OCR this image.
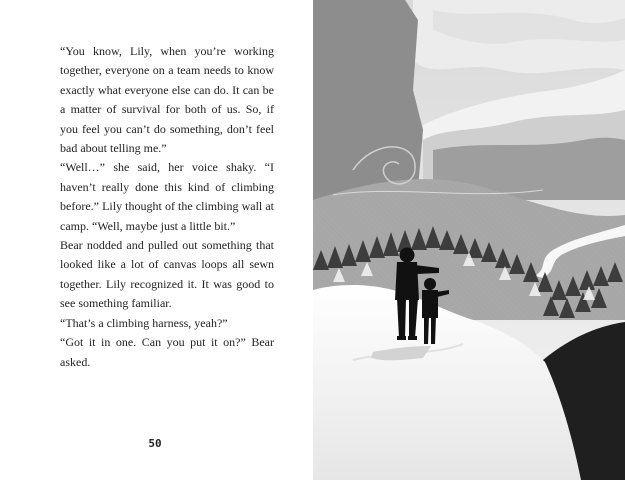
“You know, Lily, when you’re working together, everyone on a team needs to know exactly what everyone else can do. It can be a matter of survival for both of us. So, if you feel you can’t do something, don’t feel bad about telling me.”

“Well…” she said, her voice shaky. “I haven’t really done this kind of climbing before.” Lily thought of the climbing wall at camp. “Well, maybe just a little bit.”

Bear nodded and pulled out something that looked like a lot of canvas loops all sewn together. Lily recognized it. It was good to see something familiar.

“That’s a climbing harness, yeah?”

“Got it in one. Can you put it on?” Bear asked.

50
